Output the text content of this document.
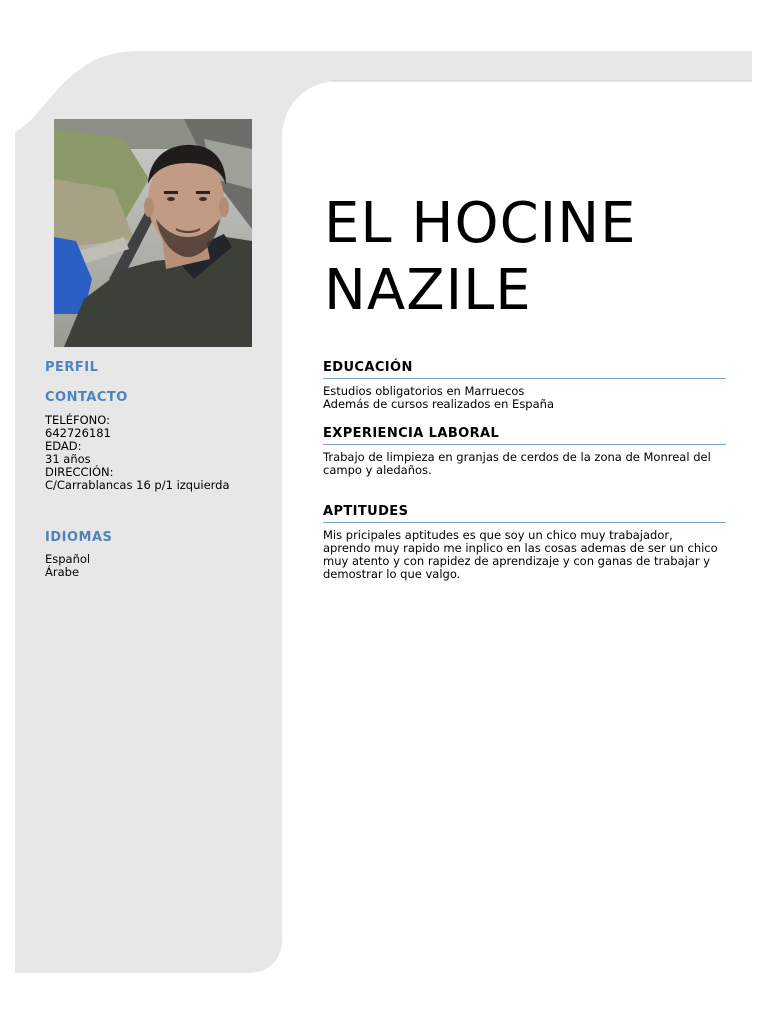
EL HOCINE
NAZILE
PERFIL
CONTACTO
TELÉFONO:
642726181
EDAD:
31 años
DIRECCIÓN:
C/Carrablancas 16 p/1 izquierda
IDIOMAS
Español
Árabe
EDUCACIÓN
Estudios obligatorios en Marruecos
Además de cursos realizados en España
EXPERIENCIA LABORAL
Trabajo de limpieza en granjas de cerdos de la zona de Monreal del
campo y aledaños.
APTITUDES
Mis pricipales aptitudes es que soy un chico muy trabajador,
aprendo muy rapido me inplico en las cosas ademas de ser un chico
muy atento y con rapidez de aprendizaje y con ganas de trabajar y
demostrar lo que valgo.
